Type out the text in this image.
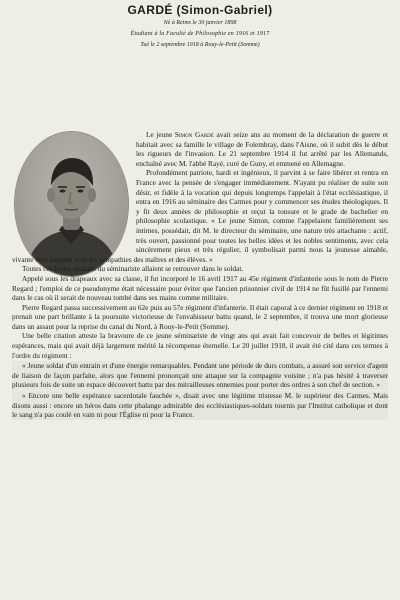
GARDÉ (Simon-Gabriel)
Né à Reims le 30 janvier 1898
Étudiant à la Faculté de Philosophie en 1916 et 1917
Tué le 2 septembre 1918 à Rouy-le-Petit (Somme)

Le jeune Simon Gardé avait seize ans au moment de la déclaration de guerre et habitait avec sa famille le village de Folembray, dans l'Aisne, où il subit dès le début les rigueurs de l'invasion. Le 21 septembre 1914 il fut arrêté par les Allemands, enchaîné avec M. l'abbé Rayé, curé de Guny, et emmené en Allemagne.

Profondément patriote, hardi et ingénieux, il parvint à se faire libérer et rentra en France avec la pensée de s'engager immédiatement. N'ayant pu réaliser de suite son désir, et fidèle à la vocation qui depuis longtemps l'appelait à l'état ecclésiastique, il entra en 1916 au séminaire des Carmes pour y commencer ses études théologiques. Il y fit deux années de philosophie et reçut la tonsure et le grade de bachelier en philosophie scolastique. « Le jeune Simon, comme l'appelaient familièrement ses intimes, possédait, dit M. le directeur du séminaire, une nature très attachante : actif, très ouvert, passionné pour toutes les belles idées et les nobles sentiments, avec cela sincèrement pieux et très régulier, il symbolisait parmi nous la jeunesse aimable, vivante vers laquelle vont les sympathies des maîtres et des élèves. »

Toutes ces belles qualités du séminariste allaient se retrouver dans le soldat.

Appelé sous les drapeaux avec sa classe, il fut incorporé le 16 avril 1917 au 45e régiment d'infanterie sous le nom de Pierre Regard ; l'emploi de ce pseudonyme était nécessaire pour éviter que l'ancien prisonnier civil de 1914 ne fût fusillé par l'ennemi dans le cas où il serait de nouveau tombé dans ses mains comme militaire.

Pierre Regard passa successivement au 62e puis au 57e régiment d'infanterie. Il était caporal à ce dernier régiment en 1918 et prenait une part brillante à la poursuite victorieuse de l'envahisseur battu quand, le 2 septembre, il trouva une mort glorieuse dans un assaut pour la reprise du canal du Nord, à Rouy-le-Petit (Somme).

Une belle citation atteste la bravoure de ce jeune séminariste de vingt ans qui avait fait concevoir de belles et légitimes espérances, mais qui avait déjà largement mérité la récompense éternelle. Le 20 juillet 1918, il avait été cité dans ces termes à l'ordre du régiment :

« Jeune soldat d'un entrain et d'une énergie remarquables. Pendant une période de durs combats, a assuré son service d'agent de liaison de façon parfaite, alors que l'ennemi prononçait une attaque sur la compagnie voisine ; n'a pas hésité à traverser plusieurs fois de suite un espace découvert battu par des mitrailleuses ennemies pour porter des ordres à son chef de section. »

« Encore une belle espérance sacerdotale fauchée », disait avec une légitime tristesse M. le supérieur des Carmes. Mais disons aussi : encore un héros dans cette phalange admirable des ecclésiastiques-soldats tournis par l'Institut catholique et dont le sang n'a pas coulé en vain ni pour l'Église ni pour la France.
